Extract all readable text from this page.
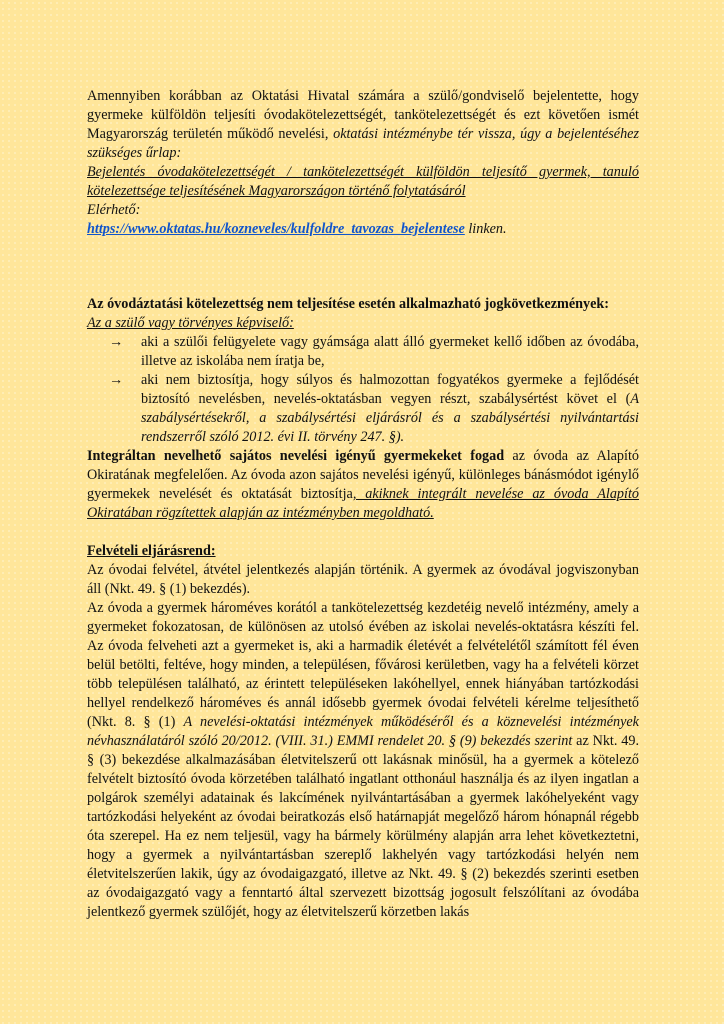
Amennyiben korábban az Oktatási Hivatal számára a szülő/gondviselő bejelentette, hogy gyermeke külföldön teljesíti óvodakötelezettségét, tankötelezettségét és ezt követően ismét Magyarország területén működő nevelési, oktatási intézménybe tér vissza, úgy a bejelentéséhez szükséges űrlap:

Bejelentés óvodakötelezettségét / tankötelezettségét külföldön teljesítő gyermek, tanuló kötelezettsége teljesítésének Magyarországon történő folytatásáról

Elérhető:

https://www.oktatas.hu/kozneveles/kulfoldre_tavozas_bejelentese linken.

Az óvodáztatási kötelezettség nem teljesítése esetén alkalmazható jogkövetkezmények:

Az a szülő vagy törvényes képviselő:

→ aki a szülői felügyelete vagy gyámsága alatt álló gyermeket kellő időben az óvodába, illetve az iskolába nem íratja be,
→ aki nem biztosítja, hogy súlyos és halmozottan fogyatékos gyermeke a fejlődését biztosító nevelésben, nevelés-oktatásban vegyen részt, szabálysértést követ el (A szabálysértésekről, a szabálysértési eljárásról és a szabálysértési nyilvántartási rendszerről szóló 2012. évi II. törvény 247. §).

Integráltan nevelhető sajátos nevelési igényű gyermekeket fogad az óvoda az Alapító Okiratának megfelelően. Az óvoda azon sajátos nevelési igényű, különleges bánásmódot igénylő gyermekek nevelését és oktatását biztosítja, akiknek integrált nevelése az óvoda Alapító Okiratában rögzítettek alapján az intézményben megoldható.

Felvételi eljárásrend:

Az óvodai felvétel, átvétel jelentkezés alapján történik. A gyermek az óvodával jogviszonyban áll (Nkt. 49. § (1) bekezdés).

Az óvoda a gyermek hároméves korától a tankötelezettség kezdetéig nevelő intézmény, amely a gyermeket fokozatosan, de különösen az utolsó évében az iskolai nevelés-oktatásra készíti fel. Az óvoda felveheti azt a gyermeket is, aki a harmadik életévét a felvételétől számított fél éven belül betölti, feltéve, hogy minden, a településen, fővárosi kerületben, vagy ha a felvételi körzet több településen található, az érintett településeken lakóhellyel, ennek hiányában tartózkodási hellyel rendelkező hároméves és annál idősebb gyermek óvodai felvételi kérelme teljesíthető (Nkt. 8. § (1) A nevelési-oktatási intézmények működéséről és a köznevelési intézmények névhasználatáról szóló 20/2012. (VIII. 31.) EMMI rendelet 20. § (9) bekezdés szerint az Nkt. 49. § (3) bekezdése alkalmazásában életvitelszerű ott lakásnak minősül, ha a gyermek a kötelező felvételt biztosító óvoda körzetében található ingatlant otthonául használja és az ilyen ingatlan a polgárok személyi adatainak és lakcímének nyilvántartásában a gyermek lakóhelyeként vagy tartózkodási helyeként az óvodai beiratkozás első határnapját megelőző három hónapnál régebb óta szerepel. Ha ez nem teljesül, vagy ha bármely körülmény alapján arra lehet következtetni, hogy a gyermek a nyilvántartásban szereplő lakhelyén vagy tartózkodási helyén nem életvitelszerűen lakik, úgy az óvodaigazgató, illetve az Nkt. 49. § (2) bekezdés szerinti esetben az óvodaigazgató vagy a fenntartó által szervezett bizottság jogosult felszólítani az óvodába jelentkező gyermek szülőjét, hogy az életvitelszerű körzetben lakás
